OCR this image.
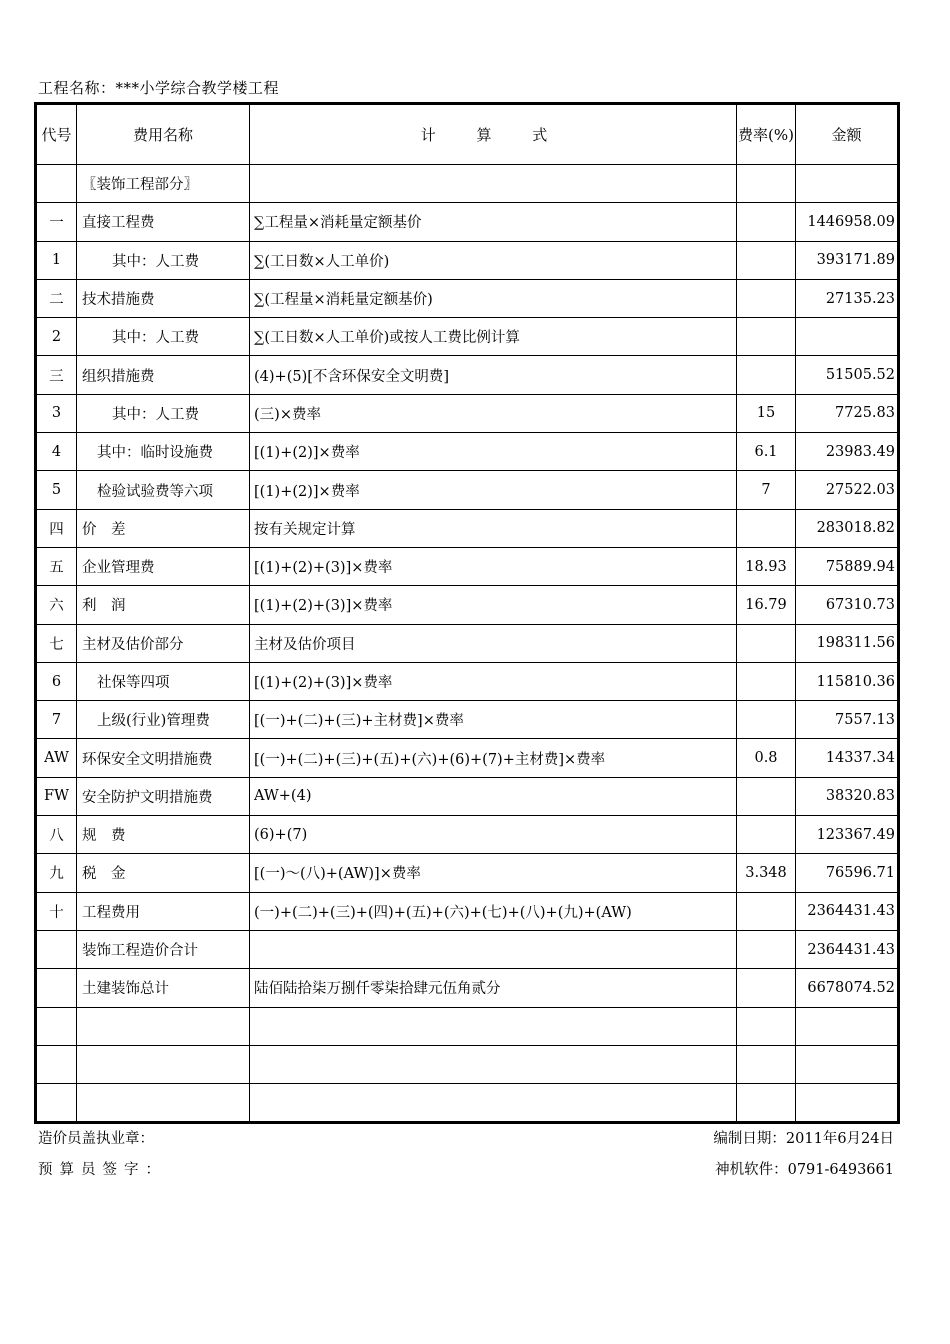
工程名称：***小学综合教学楼工程
代号	费用名称	计 算 式	费率(%)	金额
	〖装饰工程部分〗			
一	直接工程费	∑工程量×消耗量定额基价		1446958.09
1	其中：人工费	∑(工日数×人工单价)		393171.89
二	技术措施费	∑(工程量×消耗量定额基价)		27135.23
2	其中：人工费	∑(工日数×人工单价)或按人工费比例计算		
三	组织措施费	(4)+(5)[不含环保安全文明费]		51505.52
3	其中：人工费	(三)×费率	15	7725.83
4	其中：临时设施费	[(1)+(2)]×费率	6.1	23983.49
5	检验试验费等六项	[(1)+(2)]×费率	7	27522.03
四	价　差	按有关规定计算		283018.82
五	企业管理费	[(1)+(2)+(3)]×费率	18.93	75889.94
六	利　润	[(1)+(2)+(3)]×费率	16.79	67310.73
七	主材及估价部分	主材及估价项目		198311.56
6	社保等四项	[(1)+(2)+(3)]×费率		115810.36
7	上级(行业)管理费	[(一)+(二)+(三)+主材费]×费率		7557.13
AW	环保安全文明措施费	[(一)+(二)+(三)+(五)+(六)+(6)+(7)+主材费]×费率	0.8	14337.34
FW	安全防护文明措施费	AW+(4)		38320.83
八	规　费	(6)+(7)		123367.49
九	税　金	[(一)～(八)+(AW)]×费率	3.348	76596.71
十	工程费用	(一)+(二)+(三)+(四)+(五)+(六)+(七)+(八)+(九)+(AW)		2364431.43
	装饰工程造价合计			2364431.43
	土建装饰总计	陆佰陆拾柒万捌仟零柒拾肆元伍角贰分		6678074.52

造价员盖执业章：	编制日期：2011年6月24日
预算员签字：	神机软件：0791-6493661
